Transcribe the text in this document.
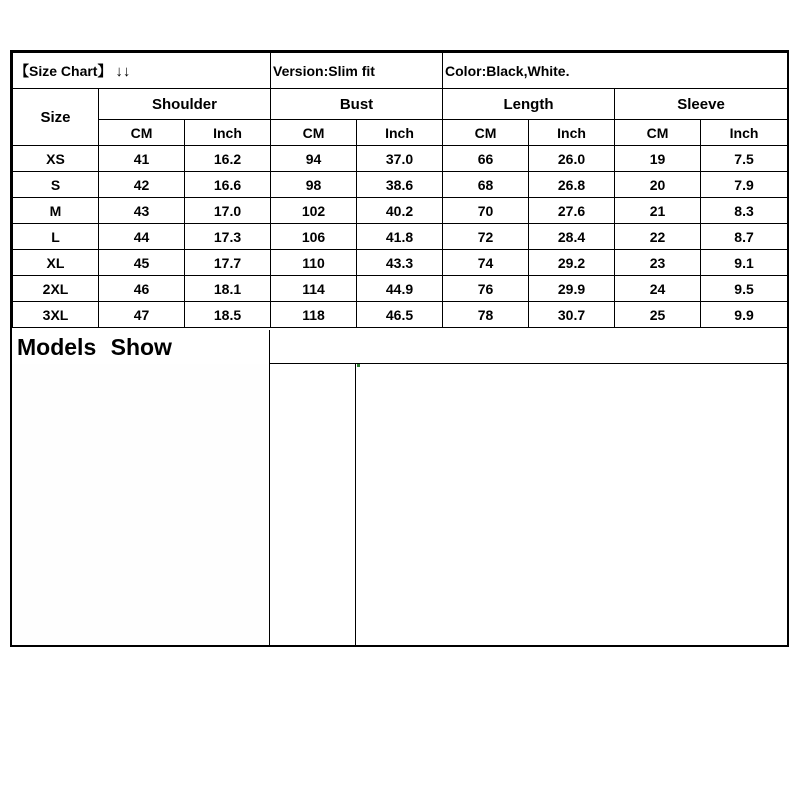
【Size Chart】 ↓↓			Version:Slim fit		Color:Black,White.			
Size	Shoulder		Bust		Length		Sleeve	
	CM	Inch	CM	Inch	CM	Inch	CM	Inch
XS	41	16.2	94	37.0	66	26.0	19	7.5
S	42	16.6	98	38.6	68	26.8	20	7.9
M	43	17.0	102	40.2	70	27.6	21	8.3
L	44	17.3	106	41.8	72	28.4	22	8.7
XL	45	17.7	110	43.3	74	29.2	23	9.1
2XL	46	18.1	114	44.9	76	29.9	24	9.5
3XL	47	18.5	118	46.5	78	30.7	25	9.9
Models Show
